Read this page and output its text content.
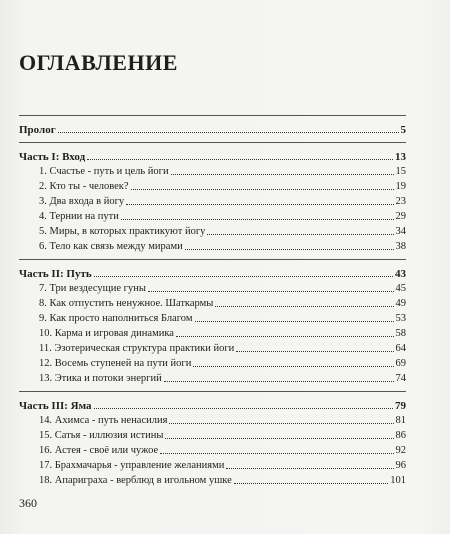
ОГЛАВЛЕНИЕ
Пролог	5
Часть I: Вход	13
1. Счастье - путь и цель йоги	15
2. Кто ты - человек?	19
3. Два входа в йогу	23
4. Тернии на пути	29
5. Миры, в которых практикуют йогу	34
6. Тело как связь между мирами	38
Часть II: Путь	43
7. Три вездесущие гуны	45
8. Как отпустить ненужное. Шаткармы	49
9. Как просто наполниться Благом	53
10. Карма и игровая динамика	58
11. Эзотерическая структура практики йоги	64
12. Восемь ступеней на пути йоги	69
13. Этика и потоки энергий	74
Часть III: Яма	79
14. Ахимса - путь ненасилия	81
15. Сатья - иллюзия истины	86
16. Астея - своё или чужое	92
17. Брахмачарья - управление желаниями	96
18. Апариграха - верблюд в игольном ушке	101
360
